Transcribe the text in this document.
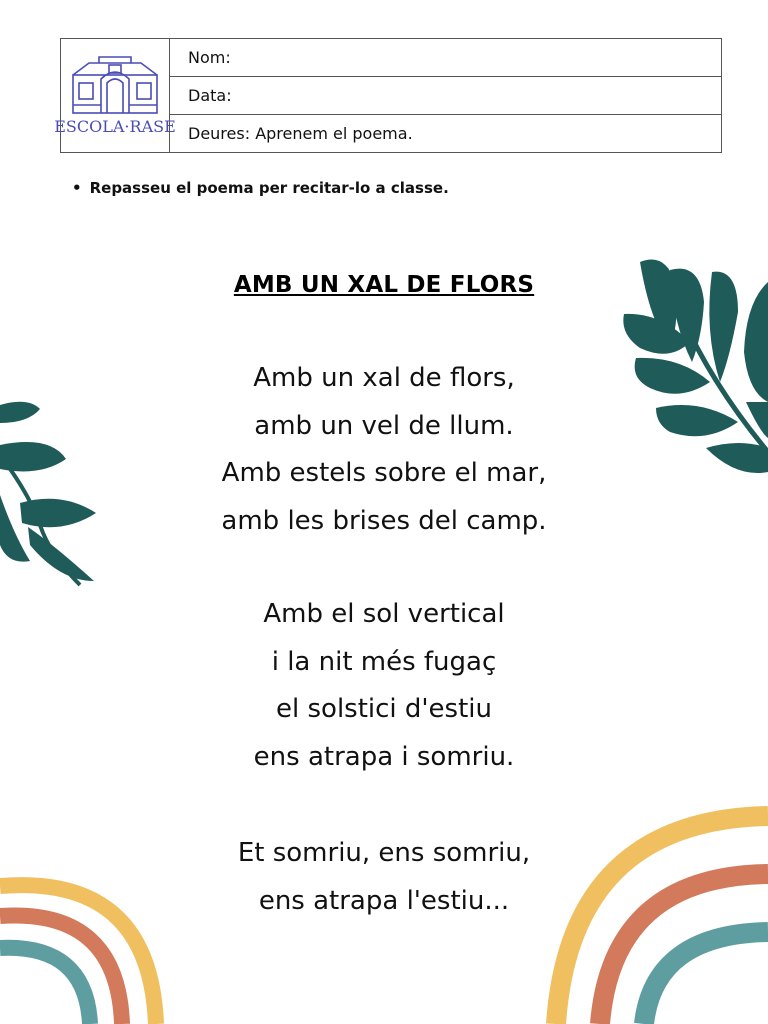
ESCOLA·RASE
Nom:
Data:
Deures: Aprenem el poema.
• Repasseu el poema per recitar-lo a classe.
AMB UN XAL DE FLORS
Amb un xal de flors,
amb un vel de llum.
Amb estels sobre el mar,
amb les brises del camp.
Amb el sol vertical
i la nit més fugaç
el solstici d'estiu
ens atrapa i somriu.
Et somriu, ens somriu,
ens atrapa l'estiu...
